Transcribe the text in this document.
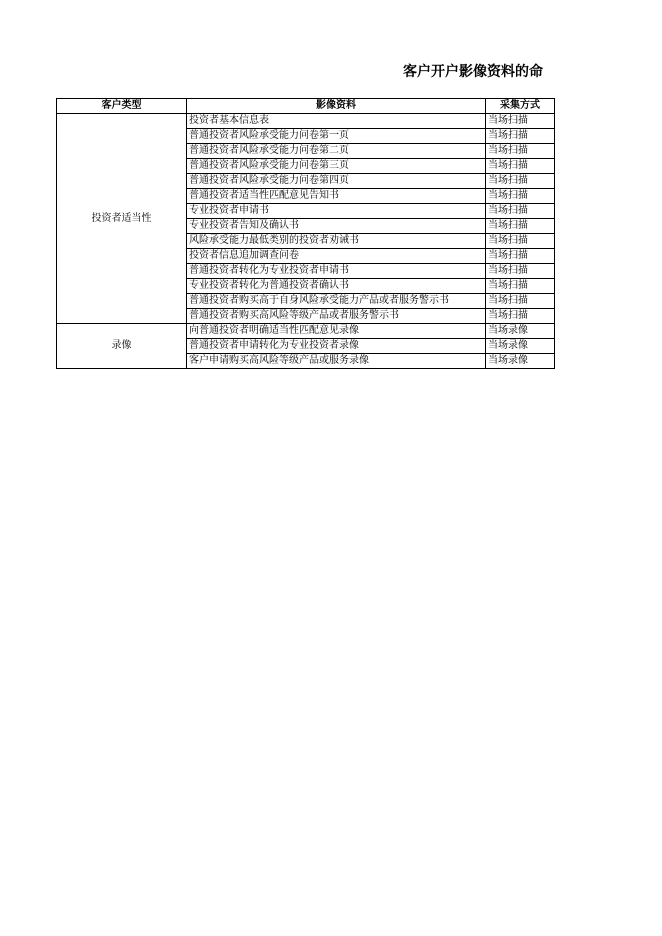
客户开户影像资料的命
客户类型	影像资料	采集方式
投资者适当性	投资者基本信息表	当场扫描
	普通投资者风险承受能力问卷第一页	当场扫描
	普通投资者风险承受能力问卷第二页	当场扫描
	普通投资者风险承受能力问卷第三页	当场扫描
	普通投资者风险承受能力问卷第四页	当场扫描
	普通投资者适当性匹配意见告知书	当场扫描
	专业投资者申请书	当场扫描
	专业投资者告知及确认书	当场扫描
	风险承受能力最低类别的投资者劝诫书	当场扫描
	投资者信息追加调查问卷	当场扫描
	普通投资者转化为专业投资者申请书	当场扫描
	专业投资者转化为普通投资者确认书	当场扫描
	普通投资者购买高于自身风险承受能力产品或者服务警示书	当场扫描
	普通投资者购买高风险等级产品或者服务警示书	当场扫描
录像	向普通投资者明确适当性匹配意见录像	当场录像
	普通投资者申请转化为专业投资者录像	当场录像
	客户申请购买高风险等级产品或服务录像	当场录像
